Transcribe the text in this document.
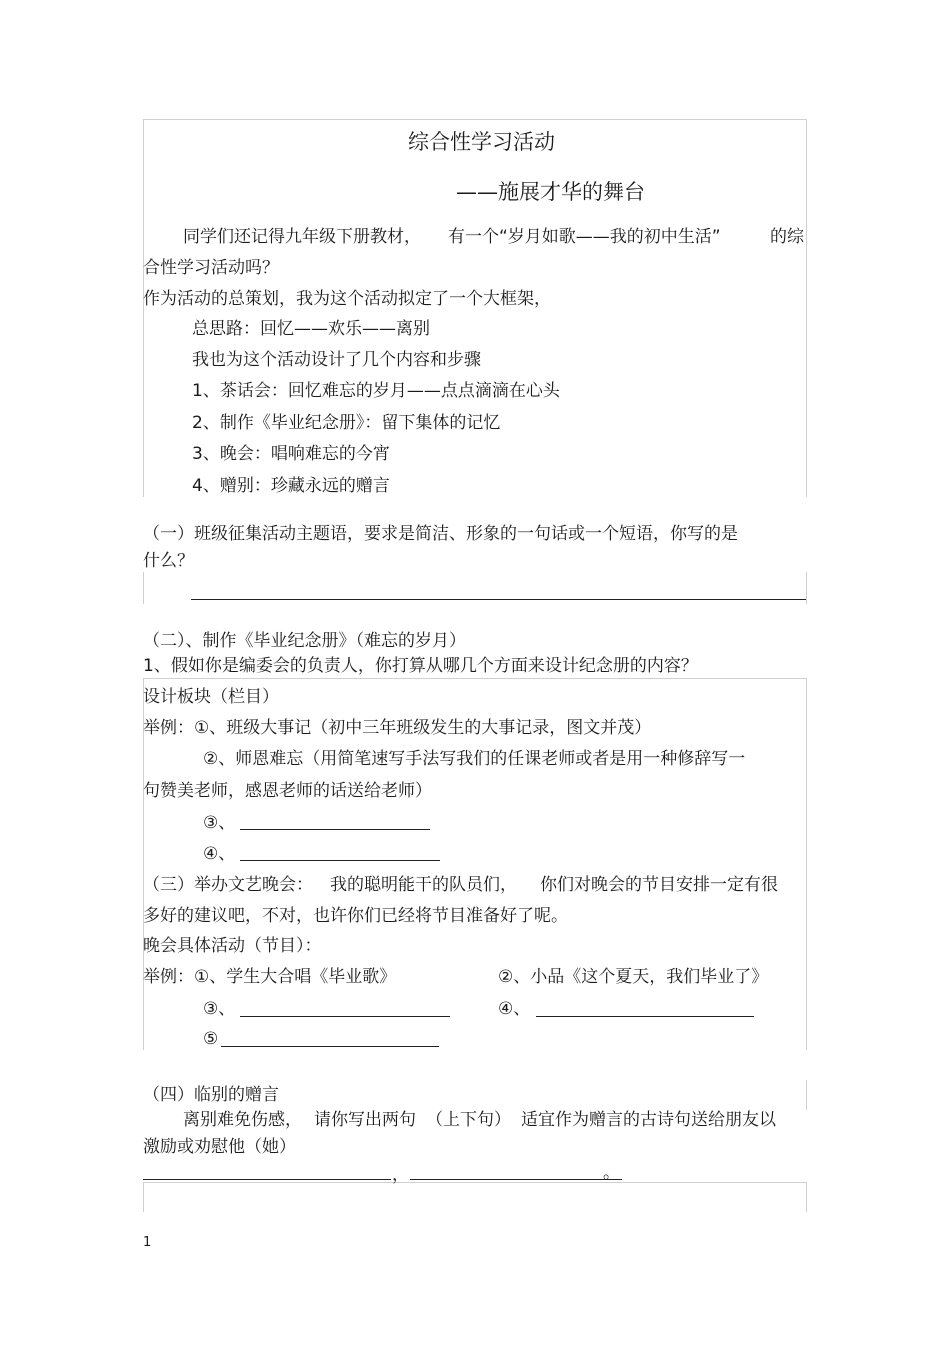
综合性学习活动
——施展才华的舞台
同学们还记得九年级下册教材， 有一个“岁月如歌——我的初中生活”	的综
合性学习活动吗？
作为活动的总策划，我为这个活动拟定了一个大框架，
总思路：回忆——欢乐——离别
我也为这个活动设计了几个内容和步骤
1、茶话会：回忆难忘的岁月——点点滴滴在心头
2、制作《毕业纪念册》：留下集体的记忆
3、晚会：唱响难忘的今宵
4、赠别：珍藏永远的赠言
（一）班级征集活动主题语，要求是简洁、形象的一句话或一个短语，你写的是
什么？
（二）、制作《毕业纪念册》（难忘的岁月）
1、假如你是编委会的负责人，你打算从哪几个方面来设计纪念册的内容？
设计板块（栏目）
举例：①、班级大事记（初中三年班级发生的大事记录，图文并茂）
②、师恩难忘（用简笔速写手法写我们的任课老师或者是用一种修辞写一
句赞美老师，感恩老师的话送给老师）
③、
④、
（三）举办文艺晚会： 我的聪明能干的队员们， 你们对晚会的节目安排一定有很
多好的建议吧，不对，也许你们已经将节目准备好了呢。
晚会具体活动（节目）：
举例：①、学生大合唱《毕业歌》	②、小品《这个夏天，我们毕业了》
③、	④、
⑤
（四）临别的赠言
离别难免伤感， 请你写出两句 （上下句） 适宜作为赠言的古诗句送给朋友以
激励或劝慰他（她）
，	。
1
